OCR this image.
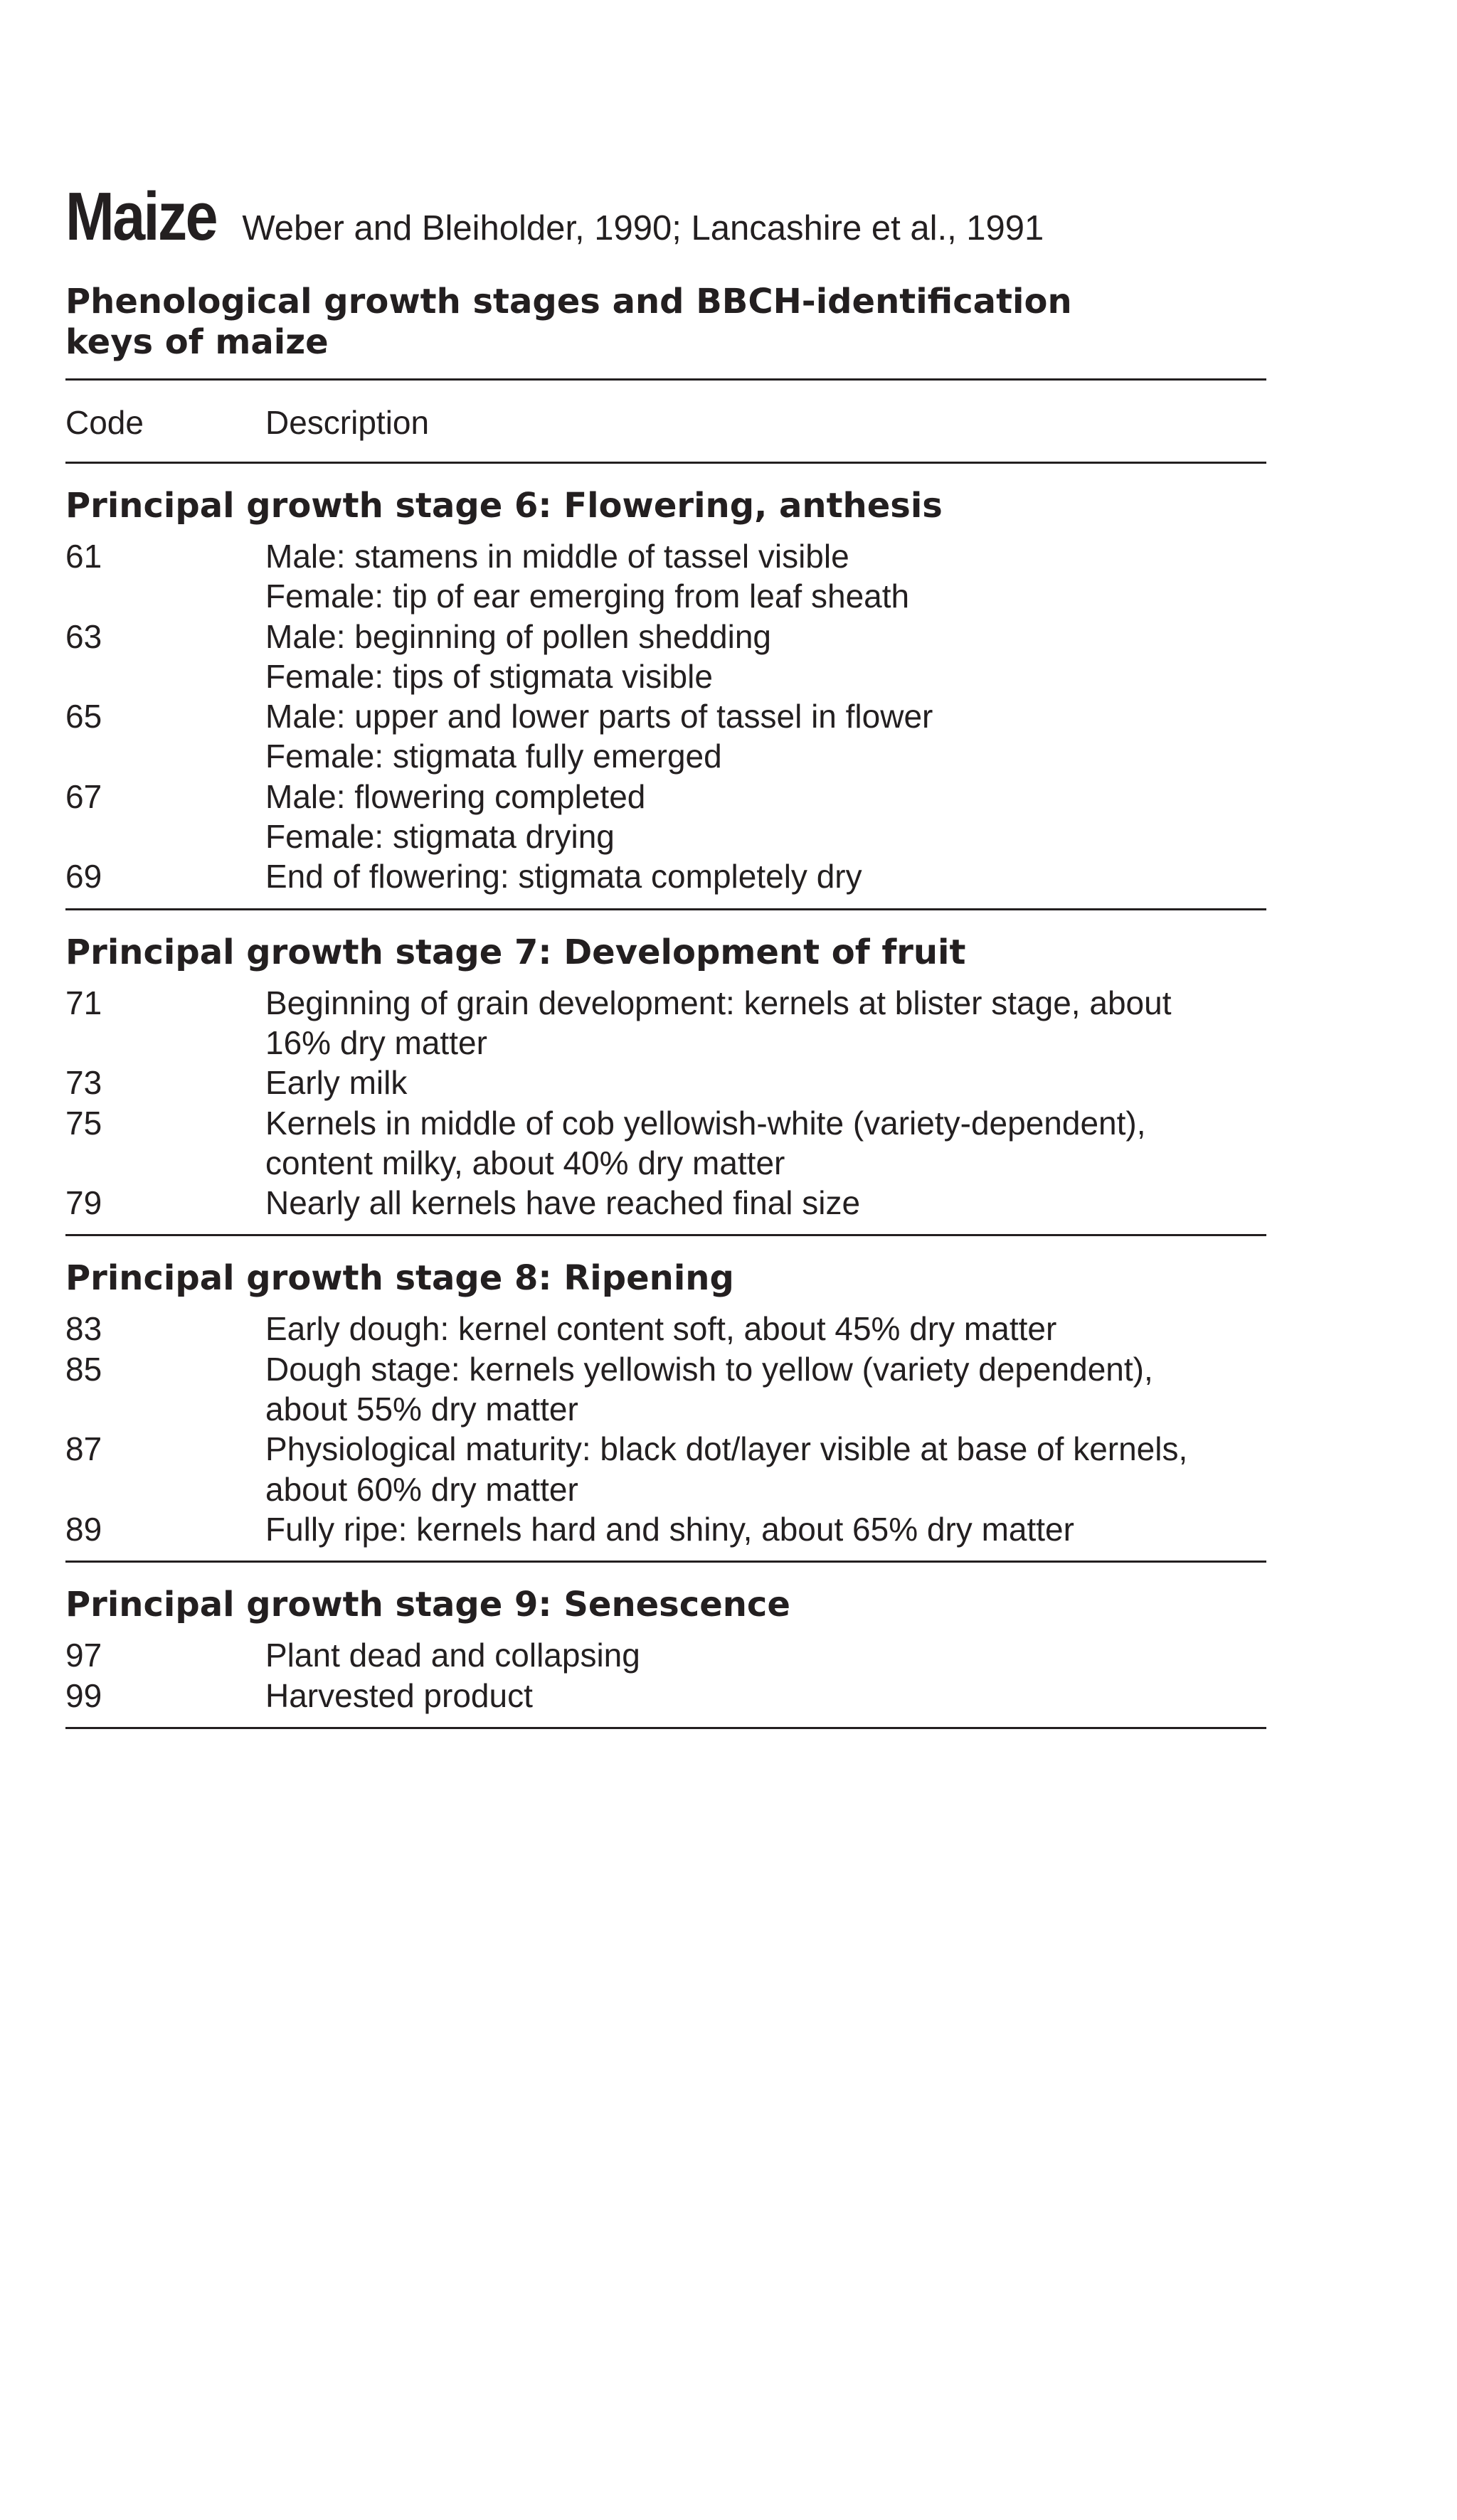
Maize Weber and Bleiholder, 1990; Lancashire et al., 1991
Phenological growth stages and BBCH-identification keys of maize
Code	Description
Principal growth stage 6: Flowering, anthesis
61	Male: stamens in middle of tassel visible
Female: tip of ear emerging from leaf sheath
63	Male: beginning of pollen shedding
Female: tips of stigmata visible
65	Male: upper and lower parts of tassel in flower
Female: stigmata fully emerged
67	Male: flowering completed
Female: stigmata drying
69	End of flowering: stigmata completely dry
Principal growth stage 7: Development of fruit
71	Beginning of grain development: kernels at blister stage, about
16% dry matter
73	Early milk
75	Kernels in middle of cob yellowish-white (variety-dependent),
content milky, about 40% dry matter
79	Nearly all kernels have reached final size
Principal growth stage 8: Ripening
83	Early dough: kernel content soft, about 45% dry matter
85	Dough stage: kernels yellowish to yellow (variety dependent),
about 55% dry matter
87	Physiological maturity: black dot/layer visible at base of kernels,
about 60% dry matter
89	Fully ripe: kernels hard and shiny, about 65% dry matter
Principal growth stage 9: Senescence
97	Plant dead and collapsing
99	Harvested product
